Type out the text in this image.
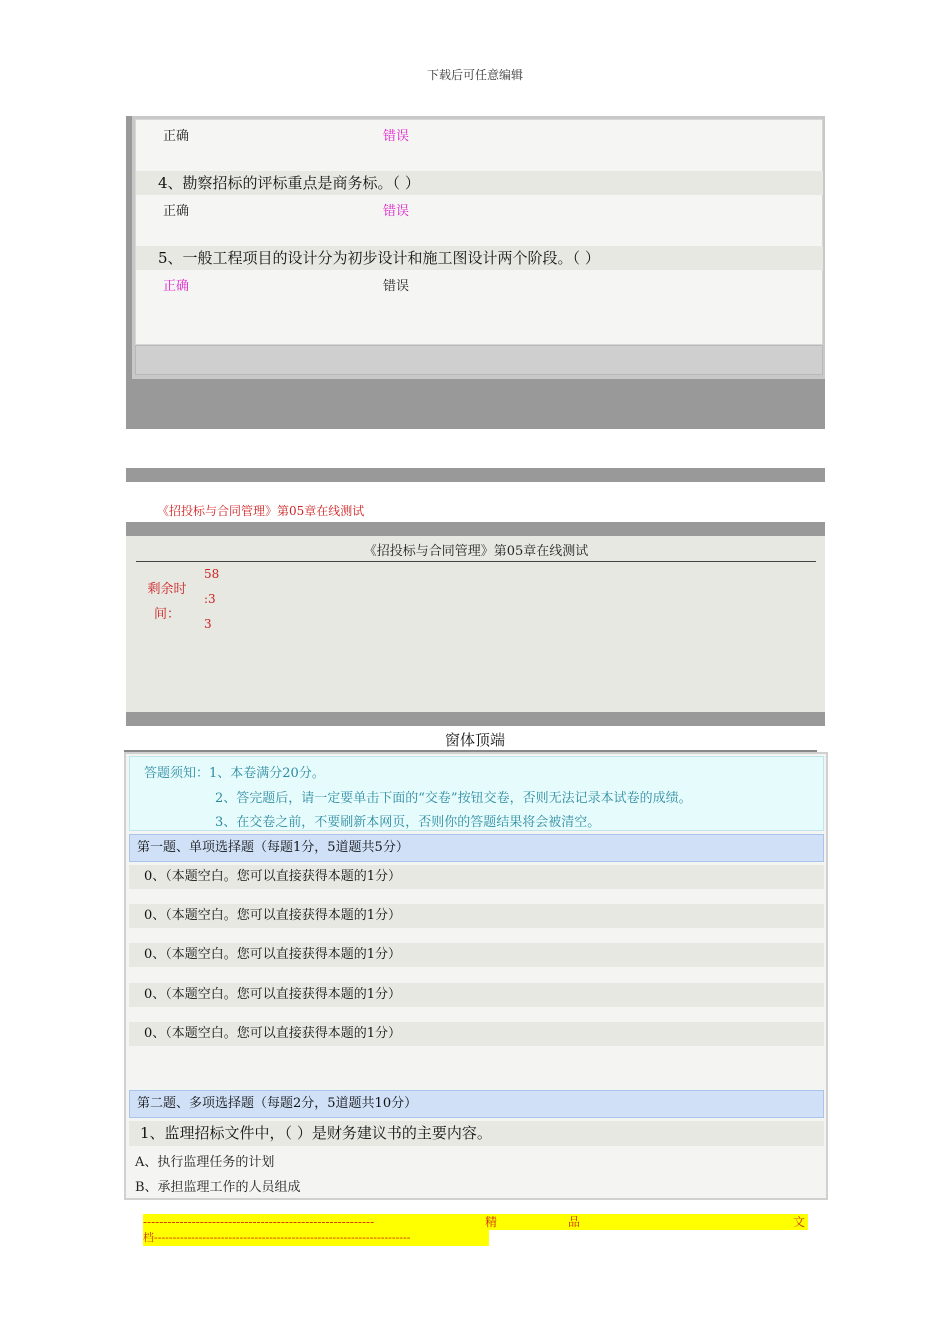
下载后可任意编辑
正确	错误
4、勘察招标的评标重点是商务标。（ ）
正确	错误
5、一般工程项目的设计分为初步设计和施工图设计两个阶段。（ ）
正确	错误
《招投标与合同管理》第05章在线测试
《招投标与合同管理》第05章在线测试
剩余时
间：
58
:3
3
窗体顶端
答题须知：1、本卷满分20分。
2、答完题后，请一定要单击下面的“交卷”按钮交卷，否则无法记录本试卷的成绩。
3、在交卷之前，不要刷新本网页，否则你的答题结果将会被清空。
第一题、单项选择题（每题1分，5道题共5分）
0、（本题空白。您可以直接获得本题的1分）
0、（本题空白。您可以直接获得本题的1分）
0、（本题空白。您可以直接获得本题的1分）
0、（本题空白。您可以直接获得本题的1分）
0、（本题空白。您可以直接获得本题的1分）
第二题、多项选择题（每题2分，5道题共10分）
1、监理招标文件中，（ ）是财务建议书的主要内容。
A、执行监理任务的计划
B、承担监理工作的人员组成
---------------------------------------------------------	精	品	文
档---------------------------------------------------------------------
